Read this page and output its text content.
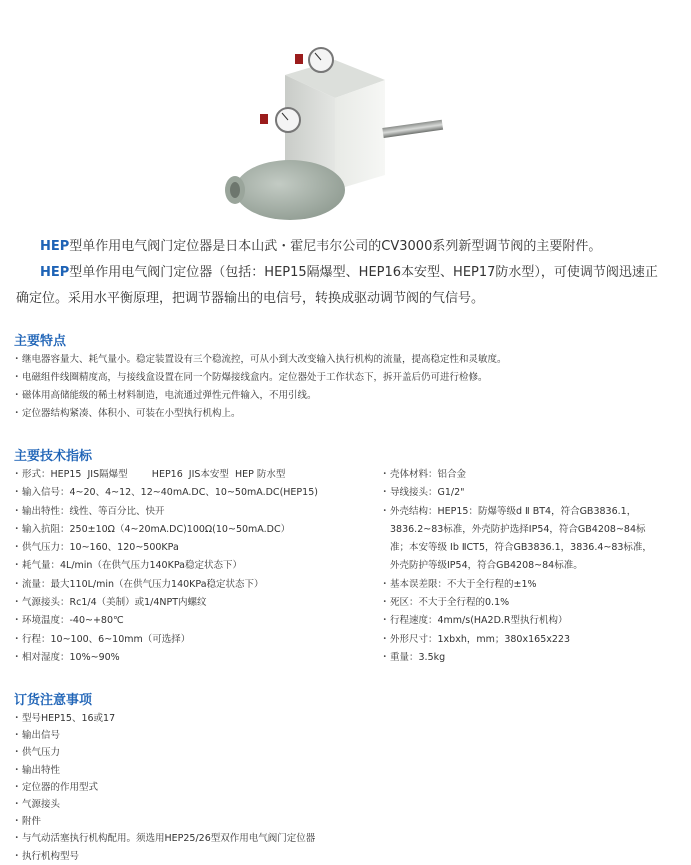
HEP型单作用电气阀门定位器是日本山武・霍尼韦尔公司的CV3000系列新型调节阀的主要附件。

HEP型单作用电气阀门定位器（包括：HEP15隔爆型、HEP16本安型、HEP17防水型），可使调节阀迅速正确定位。采用水平衡原理，把调节器输出的电信号，转换成驱动调节阀的气信号。

主要特点
・继电器容量大、耗气量小。稳定装置设有三个稳流控，可从小到大改变输入执行机构的流量，提高稳定性和灵敏度。
・电磁组件线圈精度高，与接线盒设置在同一个防爆接线盒内。定位器处于工作状态下，拆开盖后仍可进行检修。
・磁体用高储能级的稀土材料制造，电流通过弹性元件输入，不用引线。
・定位器结构紧凑、体积小、可装在小型执行机构上。
主要技术指标
・形式：HEP15  JIS隔爆型        HEP16  JIS本安型  HEP 防水型
・输入信号：4~20、4~12、12~40mA.DC、10~50mA.DC(HEP15)
・输出特性：线性、等百分比、快开
・输入抗阻：250±10Ω（4~20mA.DC)100Ω(10~50mA.DC）
・供气压力：10~160、120~500KPa
・耗气量：4L/min（在供气压力140KPa稳定状态下）
・流量：最大110L/min（在供气压力140KPa稳定状态下）
・气源接头：Rc1/4（美制）或1/4NPT内螺纹
・环境温度：-40~+80℃
・行程：10~100、6~10mm（可选择）
・相对湿度：10%~90%
・壳体材料：铝合金
・导线接头：G1/2"
・外壳结构：HEP15：防爆等级d Ⅱ BT4，符合GB3836.1，
3836.2~83标准，外壳防护选择IP54，符合GB4208~84标
准；本安等级 Ib ⅡCT5，符合GB3836.1，3836.4~83标准，
外壳防护等级IP54，符合GB4208~84标准。
・基本误差限：不大于全行程的±1%
・死区：不大于全行程的0.1%
・行程速度：4mm/s(HA2D.R型执行机构）
・外形尺寸：1xbxh，mm；380x165x223
・重量：3.5kg
订货注意事项
・型号HEP15、16或17
・输出信号
・供气压力
・输出特性
・定位器的作用型式
・气源接头
・附件
・与气动活塞执行机构配用。须选用HEP25/26型双作用电气阀门定位器
・执行机构型号
